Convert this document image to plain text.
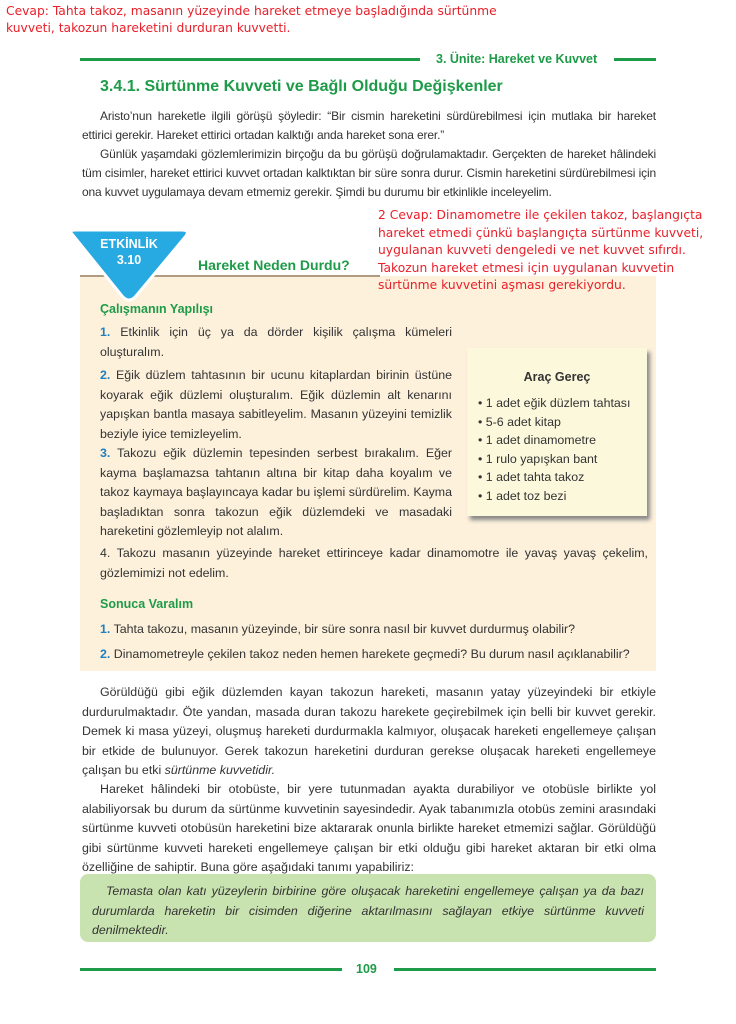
Cevap: Tahta takoz, masanın yüzeyinde hareket etmeye başladığında sürtünme kuvveti, takozun hareketini durduran kuvvetti.
3. Ünite: Hareket ve Kuvvet
3.4.1. Sürtünme Kuvveti ve Bağlı Olduğu Değişkenler
Aristo’nun hareketle ilgili görüşü şöyledir: “Bir cismin hareketini sürdürebilmesi için mutlaka bir hareket ettirici gerekir. Hareket ettirici ortadan kalktığı anda hareket sona erer.”
Günlük yaşamdaki gözlemlerimizin birçoğu da bu görüşü doğrulamaktadır. Gerçekten de hareket hâlindeki tüm cisimler, hareket ettirici kuvvet ortadan kalktıktan bir süre sonra durur. Cismin hareketini sürdürebilmesi için ona kuvvet uygulamaya devam etmemiz gerekir. Şimdi bu durumu bir etkinlikle inceleyelim.
ETKİNLİK
3.10	Hareket Neden Durdu?
Çalışmanın Yapılışı
1. Etkinlik için üç ya da dörder kişilik çalışma kümeleri oluşturalım.
2. Eğik düzlem tahtasının bir ucunu kitaplardan birinin üstüne koyarak eğik düzlemi oluşturalım. Eğik düzlemin alt kenarını yapışkan bantla masaya sabitleyelim. Masanın yüzeyini temizlik beziyle iyice temizleyelim.
3. Takozu eğik düzlemin tepesinden serbest bırakalım. Eğer kayma başlamazsa tahtanın altına bir kitap daha koyalım ve takoz kaymaya başlayıncaya kadar bu işlemi sürdürelim. Kayma başladıktan sonra takozun eğik düzlemdeki ve masadaki hareketini gözlemleyip not alalım.
4. Takozu masanın yüzeyinde hareket ettirinceye kadar dinamomotre ile yavaş yavaş çekelim, gözlemimizi not edelim.
Araç Gereç
• 1 adet eğik düzlem tahtası
• 5-6 adet kitap
• 1 adet dinamometre
• 1 rulo yapışkan bant
• 1 adet tahta takoz
• 1 adet toz bezi
Sonuca Varalım
1. Tahta takozu, masanın yüzeyinde, bir süre sonra nasıl bir kuvvet durdurmuş olabilir?
2. Dinamometreyle çekilen takoz neden hemen harekete geçmedi? Bu durum nasıl açıklanabilir?
Görüldüğü gibi eğik düzlemden kayan takozun hareketi, masanın yatay yüzeyindeki bir etkiyle durdurulmaktadır. Öte yandan, masada duran takozu harekete geçirebilmek için belli bir kuvvet gerekir. Demek ki masa yüzeyi, oluşmuş hareketi durdurmakla kalmıyor, oluşacak hareketi engellemeye çalışan bir etkide de bulunuyor. Gerek takozun hareketini durduran gerekse oluşacak hareketi engellemeye çalışan bu etki sürtünme kuvvetidir.
Hareket hâlindeki bir otobüste, bir yere tutunmadan ayakta durabiliyor ve otobüsle birlikte yol alabiliyorsak bu durum da sürtünme kuvvetinin sayesindedir. Ayak tabanımızla otobüs zemini arasındaki sürtünme kuvveti otobüsün hareketini bize aktararak onunla birlikte hareket etmemizi sağlar. Görüldüğü gibi sürtünme kuvveti hareketi engellemeye çalışan bir etki olduğu gibi hareket aktaran bir etki olma özelliğine de sahiptir. Buna göre aşağıdaki tanımı yapabiliriz:
Temasta olan katı yüzeylerin birbirine göre oluşacak hareketini engellemeye çalışan ya da bazı durumlarda hareketin bir cisimden diğerine aktarılmasını sağlayan etkiye sürtünme kuvveti denilmektedir.
109
2 Cevap: Dinamometre ile çekilen takoz, başlangıçta hareket etmedi çünkü başlangıçta sürtünme kuvveti, uygulanan kuvveti dengeledi ve net kuvvet sıfırdı. Takozun hareket etmesi için uygulanan kuvvetin sürtünme kuvvetini aşması gerekiyordu.
